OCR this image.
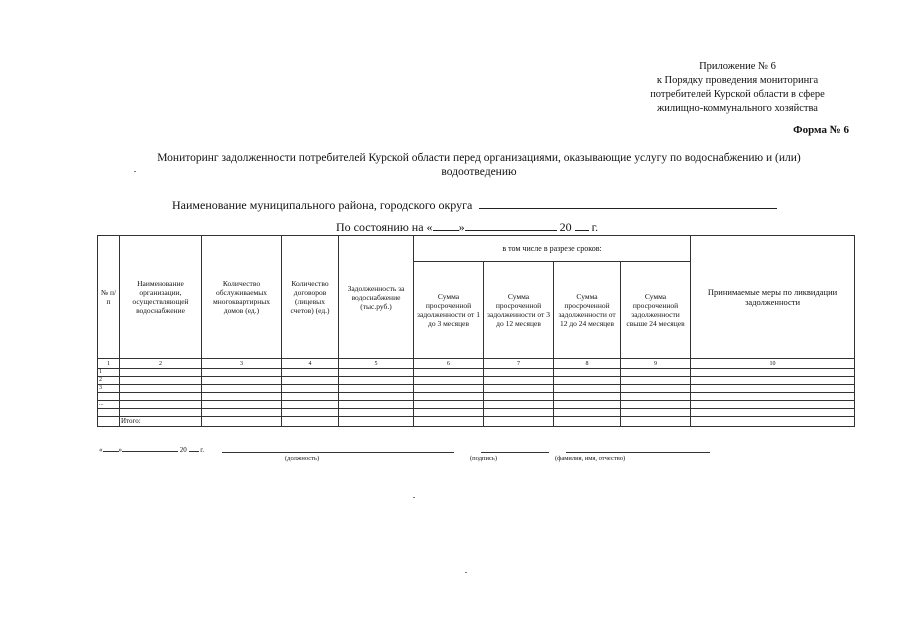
Приложение № 6
к Порядку проведения мониторинга
потребителей Курской области в сфере
жилищно-коммунального хозяйства
Форма № 6
Мониторинг задолженности потребителей Курской области перед организациями, оказывающие услугу по водоснабжению и (или)
водоотведению
Наименование муниципального района, городского округа
По состоянию на « »	20 г.
№ п/п	Наименование организации, осуществляющей водоснабжение	Количество обслуживаемых многоквартирных домов (ед.)	Количество договоров (лицевых счетов) (ед.)	Задолженность за водоснабжение (тыс.руб.)	в том числе в разрезе сроков:				Принимаемые меры по ликвидации задолженности
					Сумма просроченной задолженности от 1 до 3 месяцев	Сумма просроченной задолженности от 3 до 12 месяцев	Сумма просроченной задолженности от 12 до 24 месяцев	Сумма просроченной задолженности свыше 24 месяцев	
1	2	3	4	5	6	7	8	9	10
1									
2									
3									

...									

	Итого:								
« »	20 г.
(должность)	(подпись)	(фамилия, имя, отчество)
